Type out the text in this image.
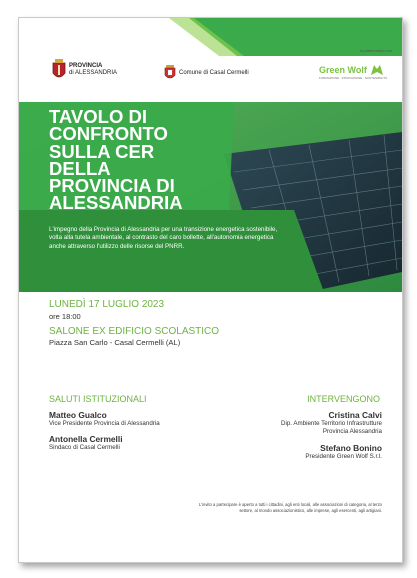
In partnership con
PROVINCIA
di ALESSANDRIA	Comune di Casal Cermelli	Green Wolf
FORMAZIONE · INNOVAZIONE · SOSTENIBILITÀ
TAVOLO DI
CONFRONTO
SULLA CER
DELLA
PROVINCIA DI
ALESSANDRIA

L'impegno della Provincia di Alessandria per una transizione energetica sostenibile, volta alla tutela ambientale, al contrasto del caro bollette, all'autonomia energetica anche attraverso l'utilizzo delle risorse del PNRR.

LUNEDÌ 17 LUGLIO 2023
ore 18:00
SALONE EX EDIFICIO SCOLASTICO
Piazza San Carlo - Casal Cermelli (AL)
SALUTI ISTITUZIONALI	INTERVENGONO
Matteo Gualco
Vice Presidente Provincia di Alessandria
Antonella Cermelli
Sindaco di Casal Cermelli
Cristina Calvi
Dip. Ambiente Territorio Infrastrutture
Provincia Alessandria
Stefano Bonino
Presidente Green Wolf S.r.l.

L'invito a partecipare è aperto a tutti i cittadini, agli enti locali, alle associazioni di categoria, al terzo settore, al mondo associazionistico, alle imprese, agli esercenti, agli artigiani.
